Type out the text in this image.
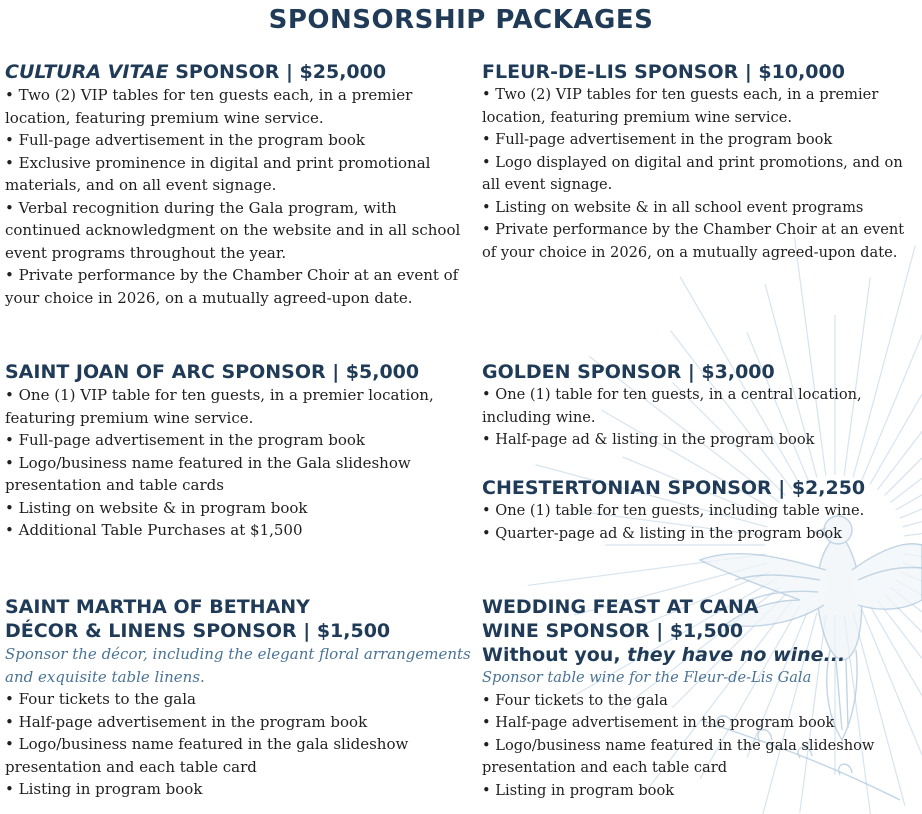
SPONSORSHIP PACKAGES
CULTURA VITAE SPONSOR | $25,000
• Two (2) VIP tables for ten guests each, in a premier location, featuring premium wine service.
• Full-page advertisement in the program book
• Exclusive prominence in digital and print promotional materials, and on all event signage.
• Verbal recognition during the Gala program, with continued acknowledgment on the website and in all school event programs throughout the year.
• Private performance by the Chamber Choir at an event of your choice in 2026, on a mutually agreed-upon date.
FLEUR-DE-LIS SPONSOR | $10,000
• Two (2) VIP tables for ten guests each, in a premier location, featuring premium wine service.
• Full-page advertisement in the program book
• Logo displayed on digital and print promotions, and on all event signage.
• Listing on website & in all school event programs
• Private performance by the Chamber Choir at an event of your choice in 2026, on a mutually agreed-upon date.
SAINT JOAN OF ARC SPONSOR | $5,000
• One (1) VIP table for ten guests, in a premier location, featuring premium wine service.
• Full-page advertisement in the program book
• Logo/business name featured in the Gala slideshow presentation and table cards
• Listing on website & in program book
• Additional Table Purchases at $1,500
GOLDEN SPONSOR | $3,000
• One (1) table for ten guests, in a central location, including wine.
• Half-page ad & listing in the program book
CHESTERTONIAN SPONSOR | $2,250
• One (1) table for ten guests, including table wine.
• Quarter-page ad & listing in the program book
SAINT MARTHA OF BETHANY
DÉCOR & LINENS SPONSOR | $1,500

Sponsor the décor, including the elegant floral arrangements and exquisite table linens.

• Four tickets to the gala
• Half-page advertisement in the program book
• Logo/business name featured in the gala slideshow presentation and each table card
• Listing in program book
WEDDING FEAST AT CANA
WINE SPONSOR | $1,500

Without you, they have no wine...

Sponsor table wine for the Fleur-de-Lis Gala

• Four tickets to the gala
• Half-page advertisement in the program book
• Logo/business name featured in the gala slideshow presentation and each table card
• Listing in program book
